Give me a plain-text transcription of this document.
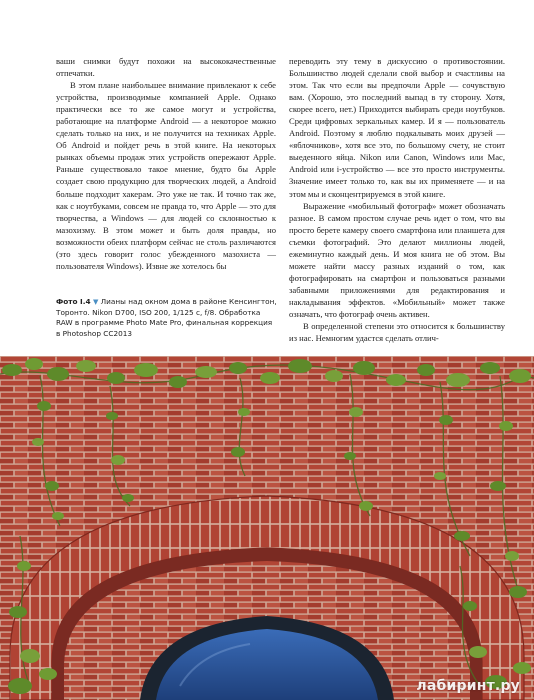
ваши снимки будут похожи на высококачественные отпечатки.

В этом плане наибольшее внимание привлекают к себе устройства, производимые компанией Apple. Однако практически все то же самое могут и устройства, работающие на платформе Android — а некоторое можно сделать только на них, и не получится на техниках Apple. Об Android и пойдет речь в этой книге. На некоторых рынках объемы продаж этих устройств опережают Apple. Раньше существовало такое мнение, будто бы Apple создает свою продукцию для творческих людей, а Android больше подходит хакерам. Это уже не так. И точно так же, как с ноутбуками, совсем не правда то, что Apple — это для творчества, а Windows — для людей со склонностью к мазохизму. В этом может и быть доля правды, но возможности обеих платформ сейчас не столь различаются (это здесь говорит голос убежденного мазохиста — пользователя Windows). Извне же хотелось бы

переводить эту тему в дискуссию о противостоянии. Большинство людей сделали свой выбор и счастливы на этом. Так что если вы предпочли Apple — сочувствую вам. (Хорошо, это последний выпад в ту сторону. Хотя, скорее всего, нет.) Приходится выбирать среди ноутбуков. Среди цифровых зеркальных камер. И я — пользователь Android. Поэтому я люблю подкалывать моих друзей — «яблочников», хотя все это, по большому счету, не стоит выеденного яйца. Nikon или Canon, Windows или Mac, Android или i-устройство — все это просто инструменты. Значение имеет только то, как вы их применяете — и на этом мы и сконцентрируемся в этой книге.

Выражение «мобильный фотограф» может обозначать разное. В самом простом случае речь идет о том, что вы просто берете камеру своего смартфона или планшета для съемки фотографий. Это делают миллионы людей, ежеминутно каждый день. И моя книга не об этом. Вы можете найти массу разных изданий о том, как фотографировать на смартфон и пользоваться разными забавными приложениями для редактирования и накладывания эффектов. «Мобильный» может также означать, что фотограф очень активен.

В определенной степени это относится к большинству из нас. Немногим удастся сделать отлич-

Фото I.4 ▼ Лианы над окном дома в районе Кенсингтон, Торонто. Nikon D700, ISO 200, 1/125 c, f/8. Обработка RAW в программе Photo Mate Pro, финальная коррекция в Photoshop CC2013
лабиринт.ру
